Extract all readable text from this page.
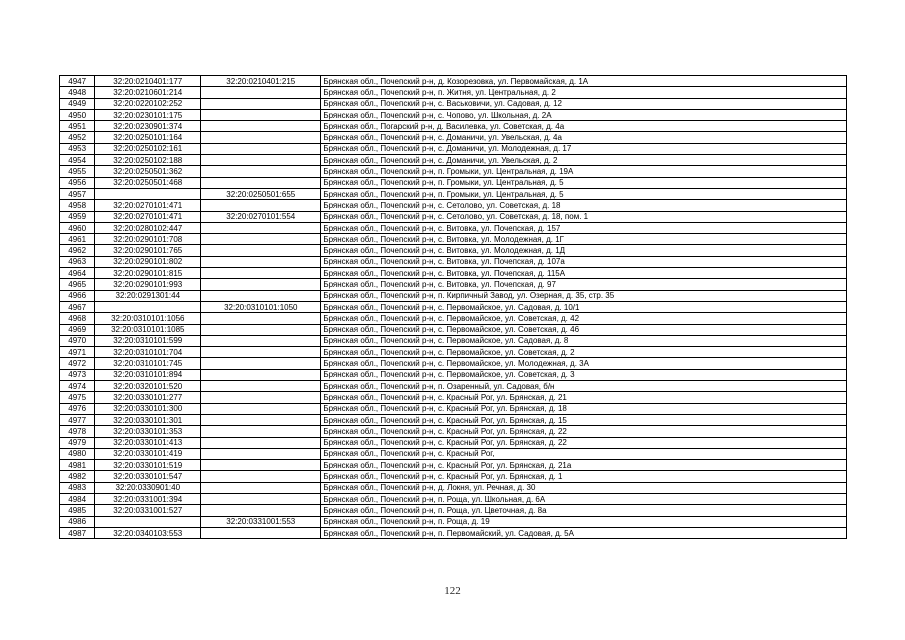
4947	32:20:0210401:177	32:20:0210401:215	Брянская обл., Почепский р-н, д. Козорезовка, ул. Первомайская, д. 1А
4948	32:20:0210601:214		Брянская обл., Почепский р-н, п. Житня, ул. Центральная, д. 2
4949	32:20:0220102:252		Брянская обл., Почепский р-н, с. Васьковичи, ул. Садовая, д. 12
4950	32:20:0230101:175		Брянская обл., Почепский р-н, с. Чопово, ул. Школьная, д. 2А
4951	32:20:0230901:374		Брянская обл., Погарский р-н, д. Василевка, ул. Советская, д. 4а
4952	32:20:0250101:164		Брянская обл., Почепский р-н, с. Доманичи, ул. Увельская, д. 4а
4953	32:20:0250102:161		Брянская обл., Почепский р-н, с. Доманичи, ул. Молодежная, д. 17
4954	32:20:0250102:188		Брянская обл., Почепский р-н, с. Доманичи, ул. Увельская, д. 2
4955	32:20:0250501:362		Брянская обл., Почепский р-н, п. Громыки, ул. Центральная, д. 19А
4956	32:20:0250501:468		Брянская обл., Почепский р-н, п. Громыки, ул. Центральная, д. 5
4957		32:20:0250501:655	Брянская обл., Почепский р-н, п. Громыки, ул. Центральная, д. 5
4958	32:20:0270101:471		Брянская обл., Почепский р-н, с. Сетолово, ул. Советская, д. 18
4959	32:20:0270101:471	32:20:0270101:554	Брянская обл., Почепский р-н, с. Сетолово, ул. Советская, д. 18, пом. 1
4960	32:20:0280102:447		Брянская обл., Почепский р-н, с. Витовка, ул. Почепская, д. 157
4961	32:20:0290101:708		Брянская обл., Почепский р-н, с. Витовка, ул. Молодежная, д. 1Г
4962	32:20:0290101:765		Брянская обл., Почепский р-н, с. Витовка, ул. Молодежная, д. 1Д
4963	32:20:0290101:802		Брянская обл., Почепский р-н, с. Витовка, ул. Почепская, д. 107а
4964	32:20:0290101:815		Брянская обл., Почепский р-н, с. Витовка, ул. Почепская, д. 115А
4965	32:20:0290101:993		Брянская обл., Почепский р-н, с. Витовка, ул. Почепская, д. 97
4966	32:20:0291301:44		Брянская обл., Почепский р-н, п. Кирпичный Завод, ул. Озерная, д. 35, стр. 35
4967		32:20:0310101:1050	Брянская обл., Почепский р-н, с. Первомайское, ул. Садовая, д. 10/1
4968	32:20:0310101:1056		Брянская обл., Почепский р-н, с. Первомайское, ул. Советская, д. 42
4969	32:20:0310101:1085		Брянская обл., Почепский р-н, с. Первомайское, ул. Советская, д. 46
4970	32:20:0310101:599		Брянская обл., Почепский р-н, с. Первомайское, ул. Садовая, д. 8
4971	32:20:0310101:704		Брянская обл., Почепский р-н, с. Первомайское, ул. Советская, д. 2
4972	32:20:0310101:745		Брянская обл., Почепский р-н, с. Первомайское, ул. Молодежная, д. 3А
4973	32:20:0310101:894		Брянская обл., Почепский р-н, с. Первомайское, ул. Советская, д. 3
4974	32:20:0320101:520		Брянская обл., Почепский р-н, п. Озаренный, ул. Садовая, б/н
4975	32:20:0330101:277		Брянская обл., Почепский р-н, с. Красный Рог, ул. Брянская, д. 21
4976	32:20:0330101:300		Брянская обл., Почепский р-н, с. Красный Рог, ул. Брянская, д. 18
4977	32:20:0330101:301		Брянская обл., Почепский р-н, с. Красный Рог, ул. Брянская, д. 15
4978	32:20:0330101:353		Брянская обл., Почепский р-н, с. Красный Рог, ул. Брянская, д. 22
4979	32:20:0330101:413		Брянская обл., Почепский р-н, с. Красный Рог, ул. Брянская, д. 22
4980	32:20:0330101:419		Брянская обл., Почепский р-н, с. Красный Рог,
4981	32:20:0330101:519		Брянская обл., Почепский р-н, с. Красный Рог, ул. Брянская, д. 21а
4982	32:20:0330101:547		Брянская обл., Почепский р-н, с. Красный Рог, ул. Брянская, д. 1
4983	32:20:0330901:40		Брянская обл., Почепский р-н, д. Локня, ул. Речная, д. 30
4984	32:20:0331001:394		Брянская обл., Почепский р-н, п. Роща, ул. Школьная, д. 6А
4985	32:20:0331001:527		Брянская обл., Почепский р-н, п. Роща, ул. Цветочная, д. 8а
4986		32:20:0331001:553	Брянская обл., Почепский р-н, п. Роща, д. 19
4987	32:20:0340103:553		Брянская обл., Почепский р-н, п. Первомайский, ул. Садовая, д. 5А
122
